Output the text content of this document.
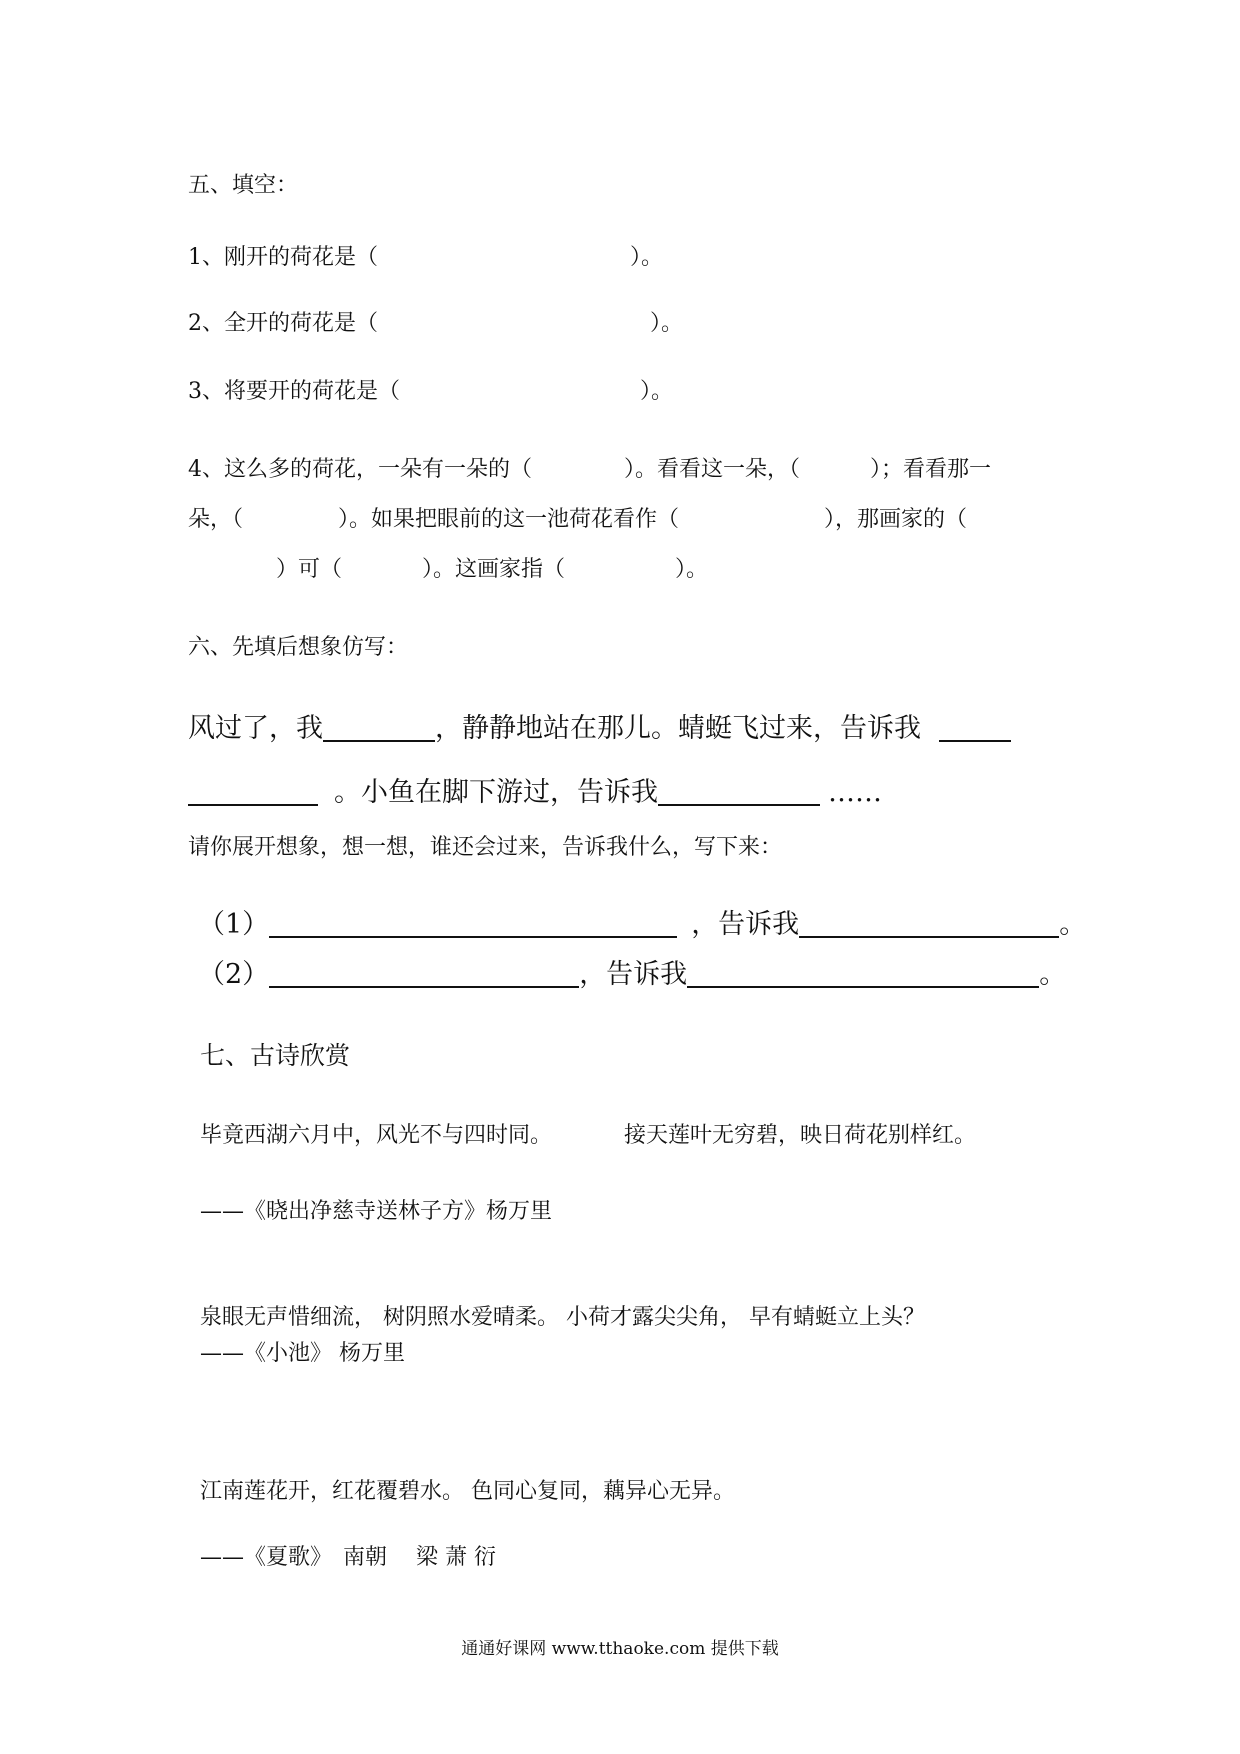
五、填空：
1、刚开的荷花是（	）。
2、全开的荷花是（	）。
3、将要开的荷花是（	）。
4、这么多的荷花，一朵有一朵的（	）。看看这一朵，（	）；看看那一
朵，（	）。如果把眼前的这一池荷花看作（	），那画家的（
）可（	）。这画家指（	）。
六、先填后想象仿写：
风过了，我	，静静地站在那儿。蜻蜓飞过来，告诉我
。小鱼在脚下游过，告诉我	……
请你展开想象，想一想，谁还会过来，告诉我什么，写下来：
（1）	，告诉我	。
（2）	，告诉我	。
七、古诗欣赏
毕竟西湖六月中，风光不与四时同。	接天莲叶无穷碧，映日荷花别样红。
——《晓出净慈寺送林子方》杨万里
泉眼无声惜细流， 树阴照水爱晴柔。 小荷才露尖尖角， 早有蜻蜓立上头？
——《小池》 杨万里
江南莲花开，红花覆碧水。 色同心复同，藕异心无异。
——《夏歌》　南朝　 梁 萧 衍
通通好课网 www.tthaoke.com 提供下载
